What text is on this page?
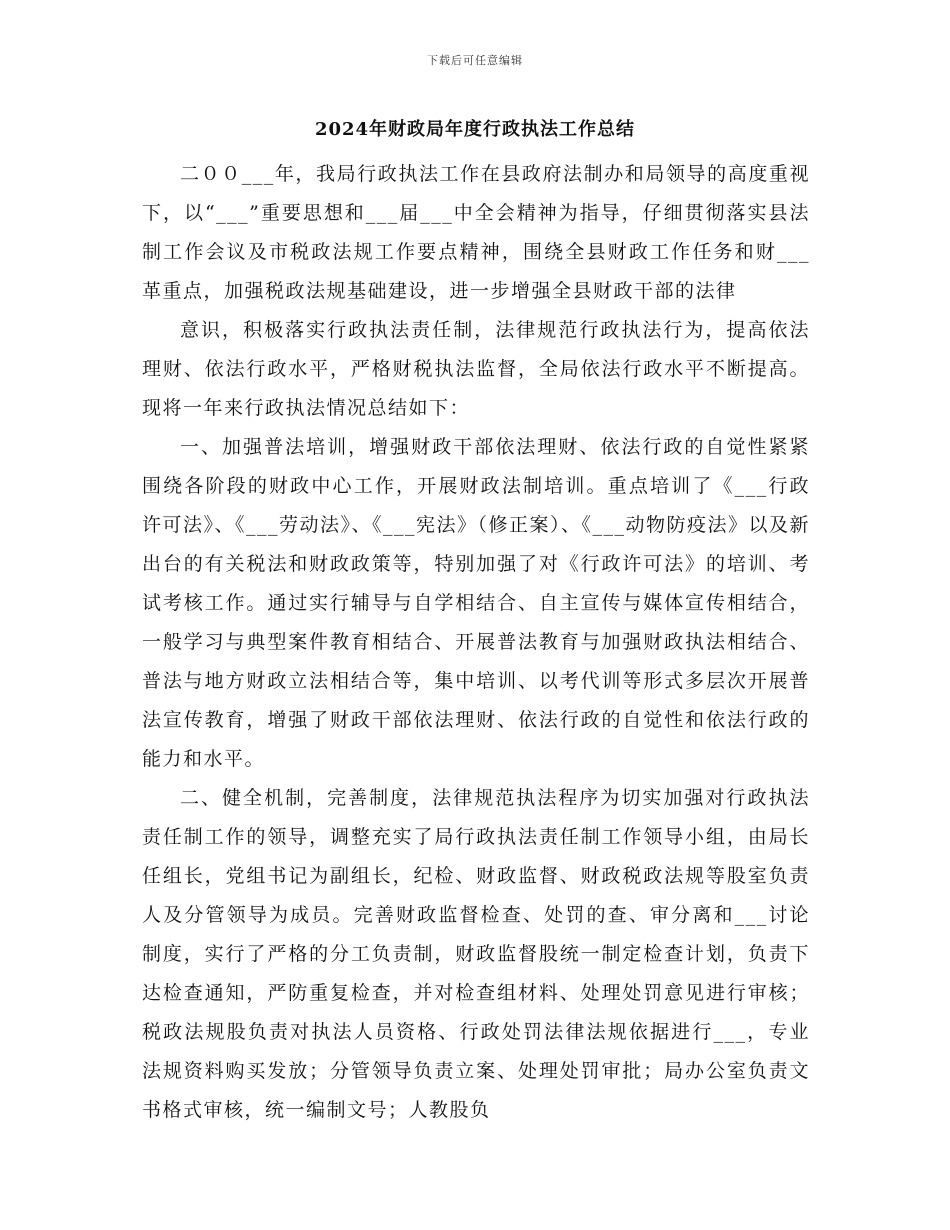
下载后可任意编辑
2024年财政局年度行政执法工作总结

二００___年，我局行政执法工作在县政府法制办和局领导的高度重视下，以“___”重要思想和___届___中全会精神为指导，仔细贯彻落实县法制工作会议及市税政法规工作要点精神，围绕全县财政工作任务和财___革重点，加强税政法规基础建设，进一步增强全县财政干部的法律

意识，积极落实行政执法责任制，法律规范行政执法行为，提高依法理财、依法行政水平，严格财税执法监督，全局依法行政水平不断提高。现将一年来行政执法情况总结如下：

一、加强普法培训，增强财政干部依法理财、依法行政的自觉性紧紧围绕各阶段的财政中心工作，开展财政法制培训。重点培训了《___行政许可法》、《___劳动法》、《___宪法》（修正案）、《___动物防疫法》以及新出台的有关税法和财政政策等，特别加强了对《行政许可法》的培训、考试考核工作。通过实行辅导与自学相结合、自主宣传与媒体宣传相结合，一般学习与典型案件教育相结合、开展普法教育与加强财政执法相结合、普法与地方财政立法相结合等，集中培训、以考代训等形式多层次开展普法宣传教育，增强了财政干部依法理财、依法行政的自觉性和依法行政的能力和水平。

二、健全机制，完善制度，法律规范执法程序为切实加强对行政执法责任制工作的领导，调整充实了局行政执法责任制工作领导小组，由局长任组长，党组书记为副组长，纪检、财政监督、财政税政法规等股室负责人及分管领导为成员。完善财政监督检查、处罚的查、审分离和___讨论制度，实行了严格的分工负责制，财政监督股统一制定检查计划，负责下达检查通知，严防重复检查，并对检查组材料、处理处罚意见进行审核；税政法规股负责对执法人员资格、行政处罚法律法规依据进行___，专业法规资料购买发放；分管领导负责立案、处理处罚审批；局办公室负责文书格式审核，统一编制文号；人教股负
